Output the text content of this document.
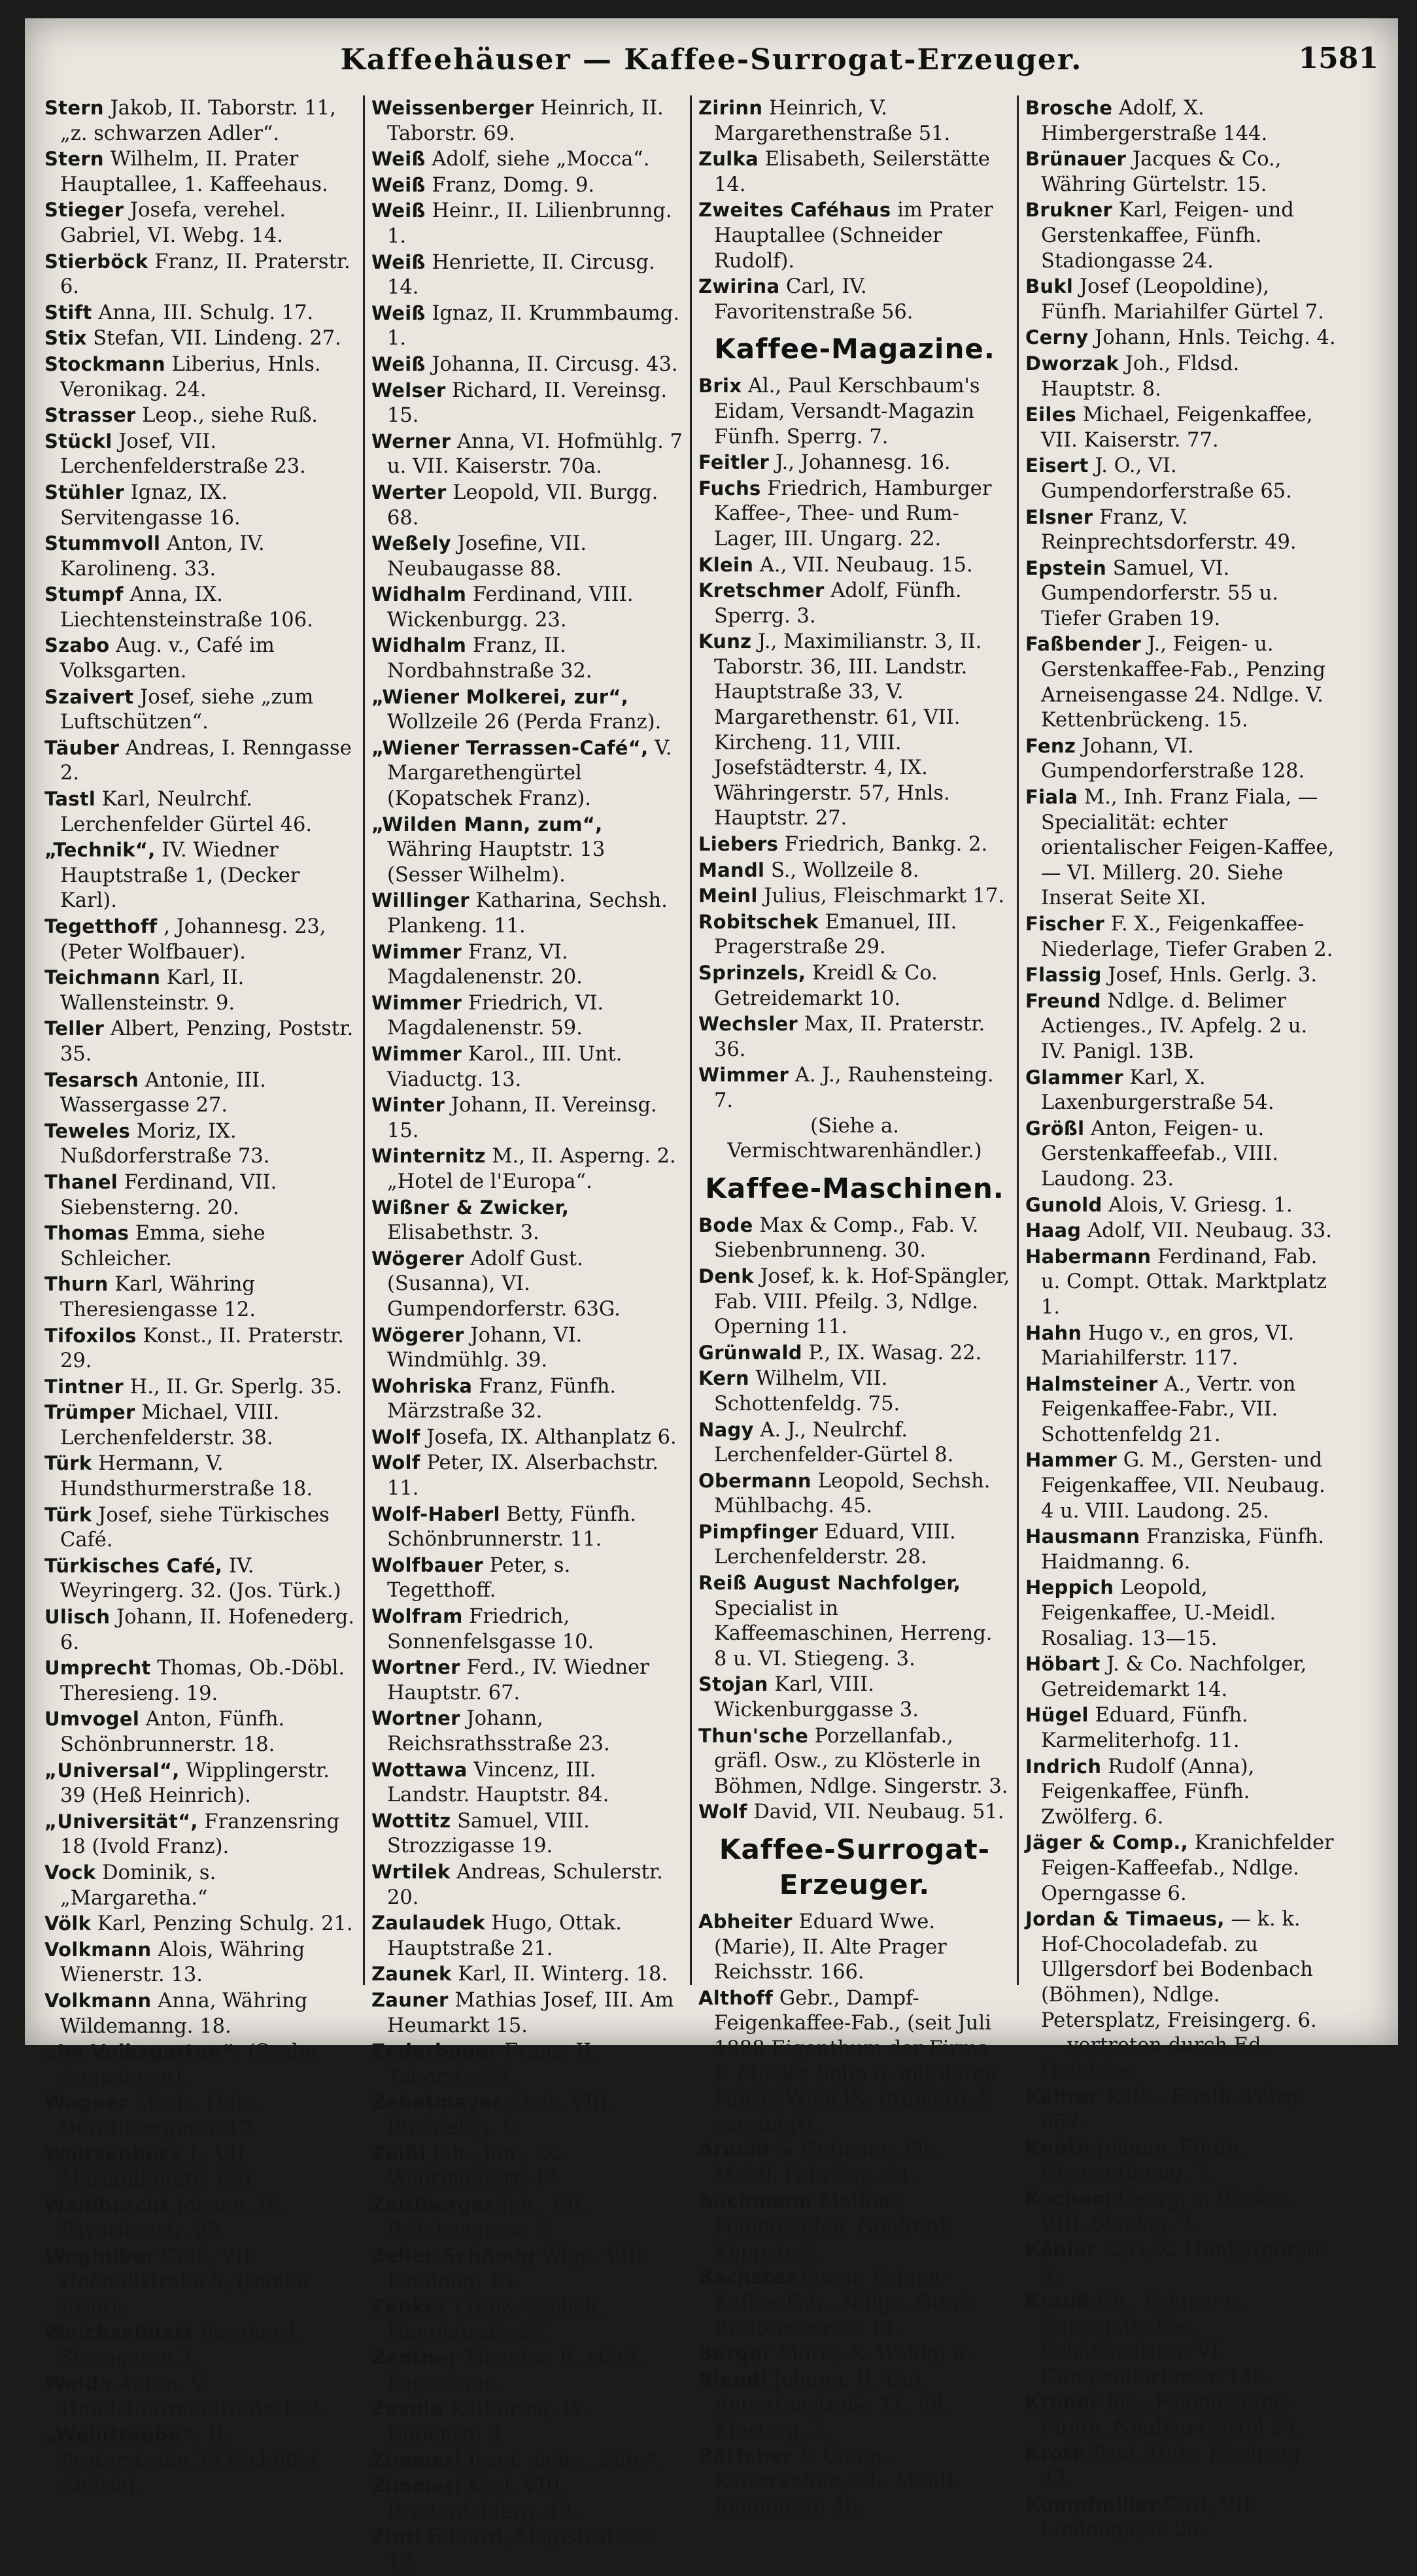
Kaffeehäuser — Kaffee-Surrogat-Erzeuger.	1581
Stern Jakob, II. Taborstr. 11, „z. schwarzen Adler“.
Stern Wilhelm, II. Prater Hauptallee, 1. Kaffeehaus.
Stieger Josefa, verehel. Gabriel, VI. Webg. 14.
Stierböck Franz, II. Praterstr. 6.
Stift Anna, III. Schulg. 17.
Stix Stefan, VII. Lindeng. 27.
Stockmann Liberius, Hnls. Veronikag. 24.
Strasser Leop., siehe Ruß.
Stückl Josef, VII. Lerchenfelderstraße 23.
Stühler Ignaz, IX. Servitengasse 16.
Stummvoll Anton, IV. Karolineng. 33.
Stumpf Anna, IX. Liechtensteinstraße 106.
Szabo Aug. v., Café im Volksgarten.
Szaivert Josef, siehe „zum Luftschützen“.
Täuber Andreas, I. Renngasse 2.
Tastl Karl, Neulrchf. Lerchenfelder Gürtel 46.
„Technik“, IV. Wiedner Hauptstraße 1, (Decker Karl).
Tegetthoff , Johannesg. 23, (Peter Wolfbauer).
Teichmann Karl, II. Wallensteinstr. 9.
Teller Albert, Penzing, Poststr. 35.
Tesarsch Antonie, III. Wassergasse 27.
Teweles Moriz, IX. Nußdorferstraße 73.
Thanel Ferdinand, VII. Siebensterng. 20.
Thomas Emma, siehe Schleicher.
Thurn Karl, Währing Theresiengasse 12.
Tifoxilos Konst., II. Praterstr. 29.
Tintner H., II. Gr. Sperlg. 35.
Trümper Michael, VIII. Lerchenfelderstr. 38.
Türk Hermann, V. Hundsthurmerstraße 18.
Türk Josef, siehe Türkisches Café.
Türkisches Café, IV. Weyringerg. 32. (Jos. Türk.)
Ulisch Johann, II. Hofenederg. 6.
Umprecht Thomas, Ob.-Döbl. Theresieng. 19.
Umvogel Anton, Fünfh. Schönbrunnerstr. 18.
„Universal“, Wipplingerstr. 39 (Heß Heinrich).
„Universität“, Franzensring 18 (Ivold Franz).
Vock Dominik, s. „Margaretha.“
Völk Karl, Penzing Schulg. 21.
Volkmann Alois, Währing Wienerstr. 13.
Volkmann Anna, Währing Wildemanng. 18.
„Im Volksgarten“, (Szabo August von).
Wagner Moriz, Hnls. Dorotheergasse 17.
Waitzenbeck J., VII. Mariahilferstr. 120.
Waldbrecht Johann, IV. Favoritenstr. 22.
Weghuber Café, VII. Hofstallstraße 5, (Danko Josef).
Weichselblatt Bernhard, Sterngasse 2.
Weida Anton, V. Hundsthurmerstraße 137.
„Weintraube“, II. Praterstraße 33 (Schöffel Aloisia).
Weissenberger Heinrich, II. Taborstr. 69.
Weiß Adolf, siehe „Mocca“.
Weiß Franz, Domg. 9.
Weiß Heinr., II. Lilienbrunng. 1.
Weiß Henriette, II. Circusg. 14.
Weiß Ignaz, II. Krummbaumg. 1.
Weiß Johanna, II. Circusg. 43.
Welser Richard, II. Vereinsg. 15.
Werner Anna, VI. Hofmühlg. 7 u. VII. Kaiserstr. 70a.
Werter Leopold, VII. Burgg. 68.
Weßely Josefine, VII. Neubaugasse 88.
Widhalm Ferdinand, VIII. Wickenburgg. 23.
Widhalm Franz, II. Nordbahnstraße 32.
„Wiener Molkerei, zur“, Wollzeile 26 (Perda Franz).
„Wiener Terrassen-Café“, V. Margarethengürtel (Kopatschek Franz).
„Wilden Mann, zum“, Währing Hauptstr. 13 (Sesser Wilhelm).
Willinger Katharina, Sechsh. Plankeng. 11.
Wimmer Franz, VI. Magdalenenstr. 20.
Wimmer Friedrich, VI. Magdalenenstr. 59.
Wimmer Karol., III. Unt. Viaductg. 13.
Winter Johann, II. Vereinsg. 15.
Winternitz M., II. Asperng. 2. „Hotel de l'Europa“.
Wißner & Zwicker, Elisabethstr. 3.
Wögerer Adolf Gust. (Susanna), VI. Gumpendorferstr. 63G.
Wögerer Johann, VI. Windmühlg. 39.
Wohriska Franz, Fünfh. Märzstraße 32.
Wolf Josefa, IX. Althanplatz 6.
Wolf Peter, IX. Alserbachstr. 11.
Wolf-Haberl Betty, Fünfh. Schönbrunnerstr. 11.
Wolfbauer Peter, s. Tegetthoff.
Wolfram Friedrich, Sonnenfelsgasse 10.
Wortner Ferd., IV. Wiedner Hauptstr. 67.
Wortner Johann, Reichsrathsstraße 23.
Wottawa Vincenz, III. Landstr. Hauptstr. 84.
Wottitz Samuel, VIII. Strozzigasse 19.
Wrtilek Andreas, Schulerstr. 20.
Zaulaudek Hugo, Ottak. Hauptstraße 21.
Zaunek Karl, II. Winterg. 18.
Zauner Mathias Josef, III. Am Heumarkt 15.
Zederbauer Franz, II. Taborstr. 56.
Zehetmayer Alois, VIII. Buchfeldg. 6.
Zeißl Joh., jun., IX. Währingerstr. 47.
Zeitlberger Joh., VII. Brückengasse 2.
Zeller-Schömig Wigo, VIII. Laudong. 13.
Zenker Franz, Sechsh. Hauptstraße 27.
Zentner Theodor, II. städt. Lagerhaus.
Zezula Katharina, IV. Rubensg. 3.
Zimmerl Josef, siehe „Elite“.
Zimmerl Karl, VIII. Breitenfelderg. 13.
Zintl Eduard, Magistratsstr. 12.
Zirinn Heinrich, V. Margarethenstraße 51.
Zulka Elisabeth, Seilerstätte 14.
Zweites Caféhaus im Prater Hauptallee (Schneider Rudolf).
Zwirina Carl, IV. Favoritenstraße 56.
Kaffee-Magazine.
Brix Al., Paul Kerschbaum's Eidam, Versandt-Magazin Fünfh. Sperrg. 7.
Feitler J., Johannesg. 16.
Fuchs Friedrich, Hamburger Kaffee-, Thee- und Rum-Lager, III. Ungarg. 22.
Klein A., VII. Neubaug. 15.
Kretschmer Adolf, Fünfh. Sperrg. 3.
Kunz J., Maximilianstr. 3, II. Taborstr. 36, III. Landstr. Hauptstraße 33, V. Margarethenstr. 61, VII. Kircheng. 11, VIII. Josefstädterstr. 4, IX. Währingerstr. 57, Hnls. Hauptstr. 27.
Liebers Friedrich, Bankg. 2.
Mandl S., Wollzeile 8.
Meinl Julius, Fleischmarkt 17.
Robitschek Emanuel, III. Pragerstraße 29.
Sprinzels, Kreidl & Co. Getreidemarkt 10.
Wechsler Max, II. Praterstr. 36.
Wimmer A. J., Rauhensteing. 7.
(Siehe a. Vermischtwarenhändler.)
Kaffee-Maschinen.
Bode Max & Comp., Fab. V. Siebenbrunneng. 30.
Denk Josef, k. k. Hof-Spängler, Fab. VIII. Pfeilg. 3, Ndlge. Operning 11.
Grünwald P., IX. Wasag. 22.
Kern Wilhelm, VII. Schottenfeldg. 75.
Nagy A. J., Neulrchf. Lerchenfelder-Gürtel 8.
Obermann Leopold, Sechsh. Mühlbachg. 45.
Pimpfinger Eduard, VIII. Lerchenfelderstr. 28.
Reiß August Nachfolger, Specialist in Kaffeemaschinen, Herreng. 8 u. VI. Stiegeng. 3.
Stojan Karl, VIII. Wickenburggasse 3.
Thun'sche Porzellanfab., gräfl. Osw., zu Klösterle in Böhmen, Ndlge. Singerstr. 3.
Wolf David, VII. Neubaug. 51.
Kaffee-Surrogat-Erzeuger.
Abheiter Eduard Wwe. (Marie), II. Alte Prager Reichsstr. 166.
Althoff Gebr., Dampf-Feigenkaffee-Fab., (seit Juli 1888 Eigenthum der Firma F. Mück's Sohn u. mit deren Fabrik Wien IX. Bramerg. 9 vereinigt).
Arnold & Gutmann, Ob. Meidl. Fabriksg. 51.
Auchmann Mathias, Feigenkaffee, Neulrchf. Koppstr. 3.
Bachstez Oscar, Feigen-Kaffee-Fab., Ndlge. Ottak. Breitenseerstr. 11.
Berger Moriz, X. Waldg. 6.
Biendl Johann, II. Unt. Augartenstraße 11, Fil. Klosterg. 3.
Böttcher & Comp., Kaiserkaffee, Ob. Meidl. Johannesg. 46.
Brosche Adolf, X. Himbergerstraße 144.
Brünauer Jacques & Co., Währing Gürtelstr. 15.
Brukner Karl, Feigen- und Gerstenkaffee, Fünfh. Stadiongasse 24.
Bukl Josef (Leopoldine), Fünfh. Mariahilfer Gürtel 7.
Cerny Johann, Hnls. Teichg. 4.
Dworzak Joh., Fldsd. Hauptstr. 8.
Eiles Michael, Feigenkaffee, VII. Kaiserstr. 77.
Eisert J. O., VI. Gumpendorferstraße 65.
Elsner Franz, V. Reinprechtsdorferstr. 49.
Epstein Samuel, VI. Gumpendorferstr. 55 u. Tiefer Graben 19.
Faßbender J., Feigen- u. Gerstenkaffee-Fab., Penzing Arneisengasse 24. Ndlge. V. Kettenbrückeng. 15.
Fenz Johann, VI. Gumpendorferstraße 128.
Fiala M., Inh. Franz Fiala, — Specialität: echter orientalischer Feigen-Kaffee, — VI. Millerg. 20. Siehe Inserat Seite XI.
Fischer F. X., Feigenkaffee-Niederlage, Tiefer Graben 2.
Flassig Josef, Hnls. Gerlg. 3.
Freund Ndlge. d. Belimer Actienges., IV. Apfelg. 2 u. IV. Panigl. 13B.
Glammer Karl, X. Laxenburgerstraße 54.
Größl Anton, Feigen- u. Gerstenkaffeefab., VIII. Laudong. 23.
Gunold Alois, V. Griesg. 1.
Haag Adolf, VII. Neubaug. 33.
Habermann Ferdinand, Fab. u. Compt. Ottak. Marktplatz 1.
Hahn Hugo v., en gros, VI. Mariahilferstr. 117.
Halmsteiner A., Vertr. von Feigenkaffee-Fabr., VII. Schottenfeldg 21.
Hammer G. M., Gersten- und Feigenkaffee, VII. Neubaug. 4 u. VIII. Laudong. 25.
Hausmann Franziska, Fünfh. Haidmanng. 6.
Heppich Leopold, Feigenkaffee, U.-Meidl. Rosaliag. 13—15.
Höbart J. & Co. Nachfolger, Getreidemarkt 14.
Hügel Eduard, Fünfh. Karmeliterhofg. 11.
Indrich Rudolf (Anna), Feigenkaffee, Fünfh. Zwölferg. 6.
Jäger & Comp., Kranichfelder Feigen-Kaffeefab., Ndlge. Operngasse 6.
Jordan & Timaeus, — k. k. Hof-Chocoladefab. zu Ullgersdorf bei Bodenbach (Böhmen), Ndlge. Petersplatz, Freisingerg. 6. — vertreten durch Ed. Heinicke.
Kahrer Kath., Fünfh. Pelzg. 657.
Knoth Johann, Fünfh. Clementineng. 7.
Kochem Georg, a. Bäcker, VIII. Skodag. 7.
Köhler Karl, X. Himbergerstr. 5.
Krauß Ch., Feigen- u. Surrogatkaffee, Schätzmeister, VI. Gumpendorferstr. 149.
Kroner Jos., Feigenkaffee, Fünfh. Neubau-Gürtel 34.
Kroth Paul, Hnls. Kircheng. 43.
Kumpfmiller Carl, VII. Lindengasse 26.
